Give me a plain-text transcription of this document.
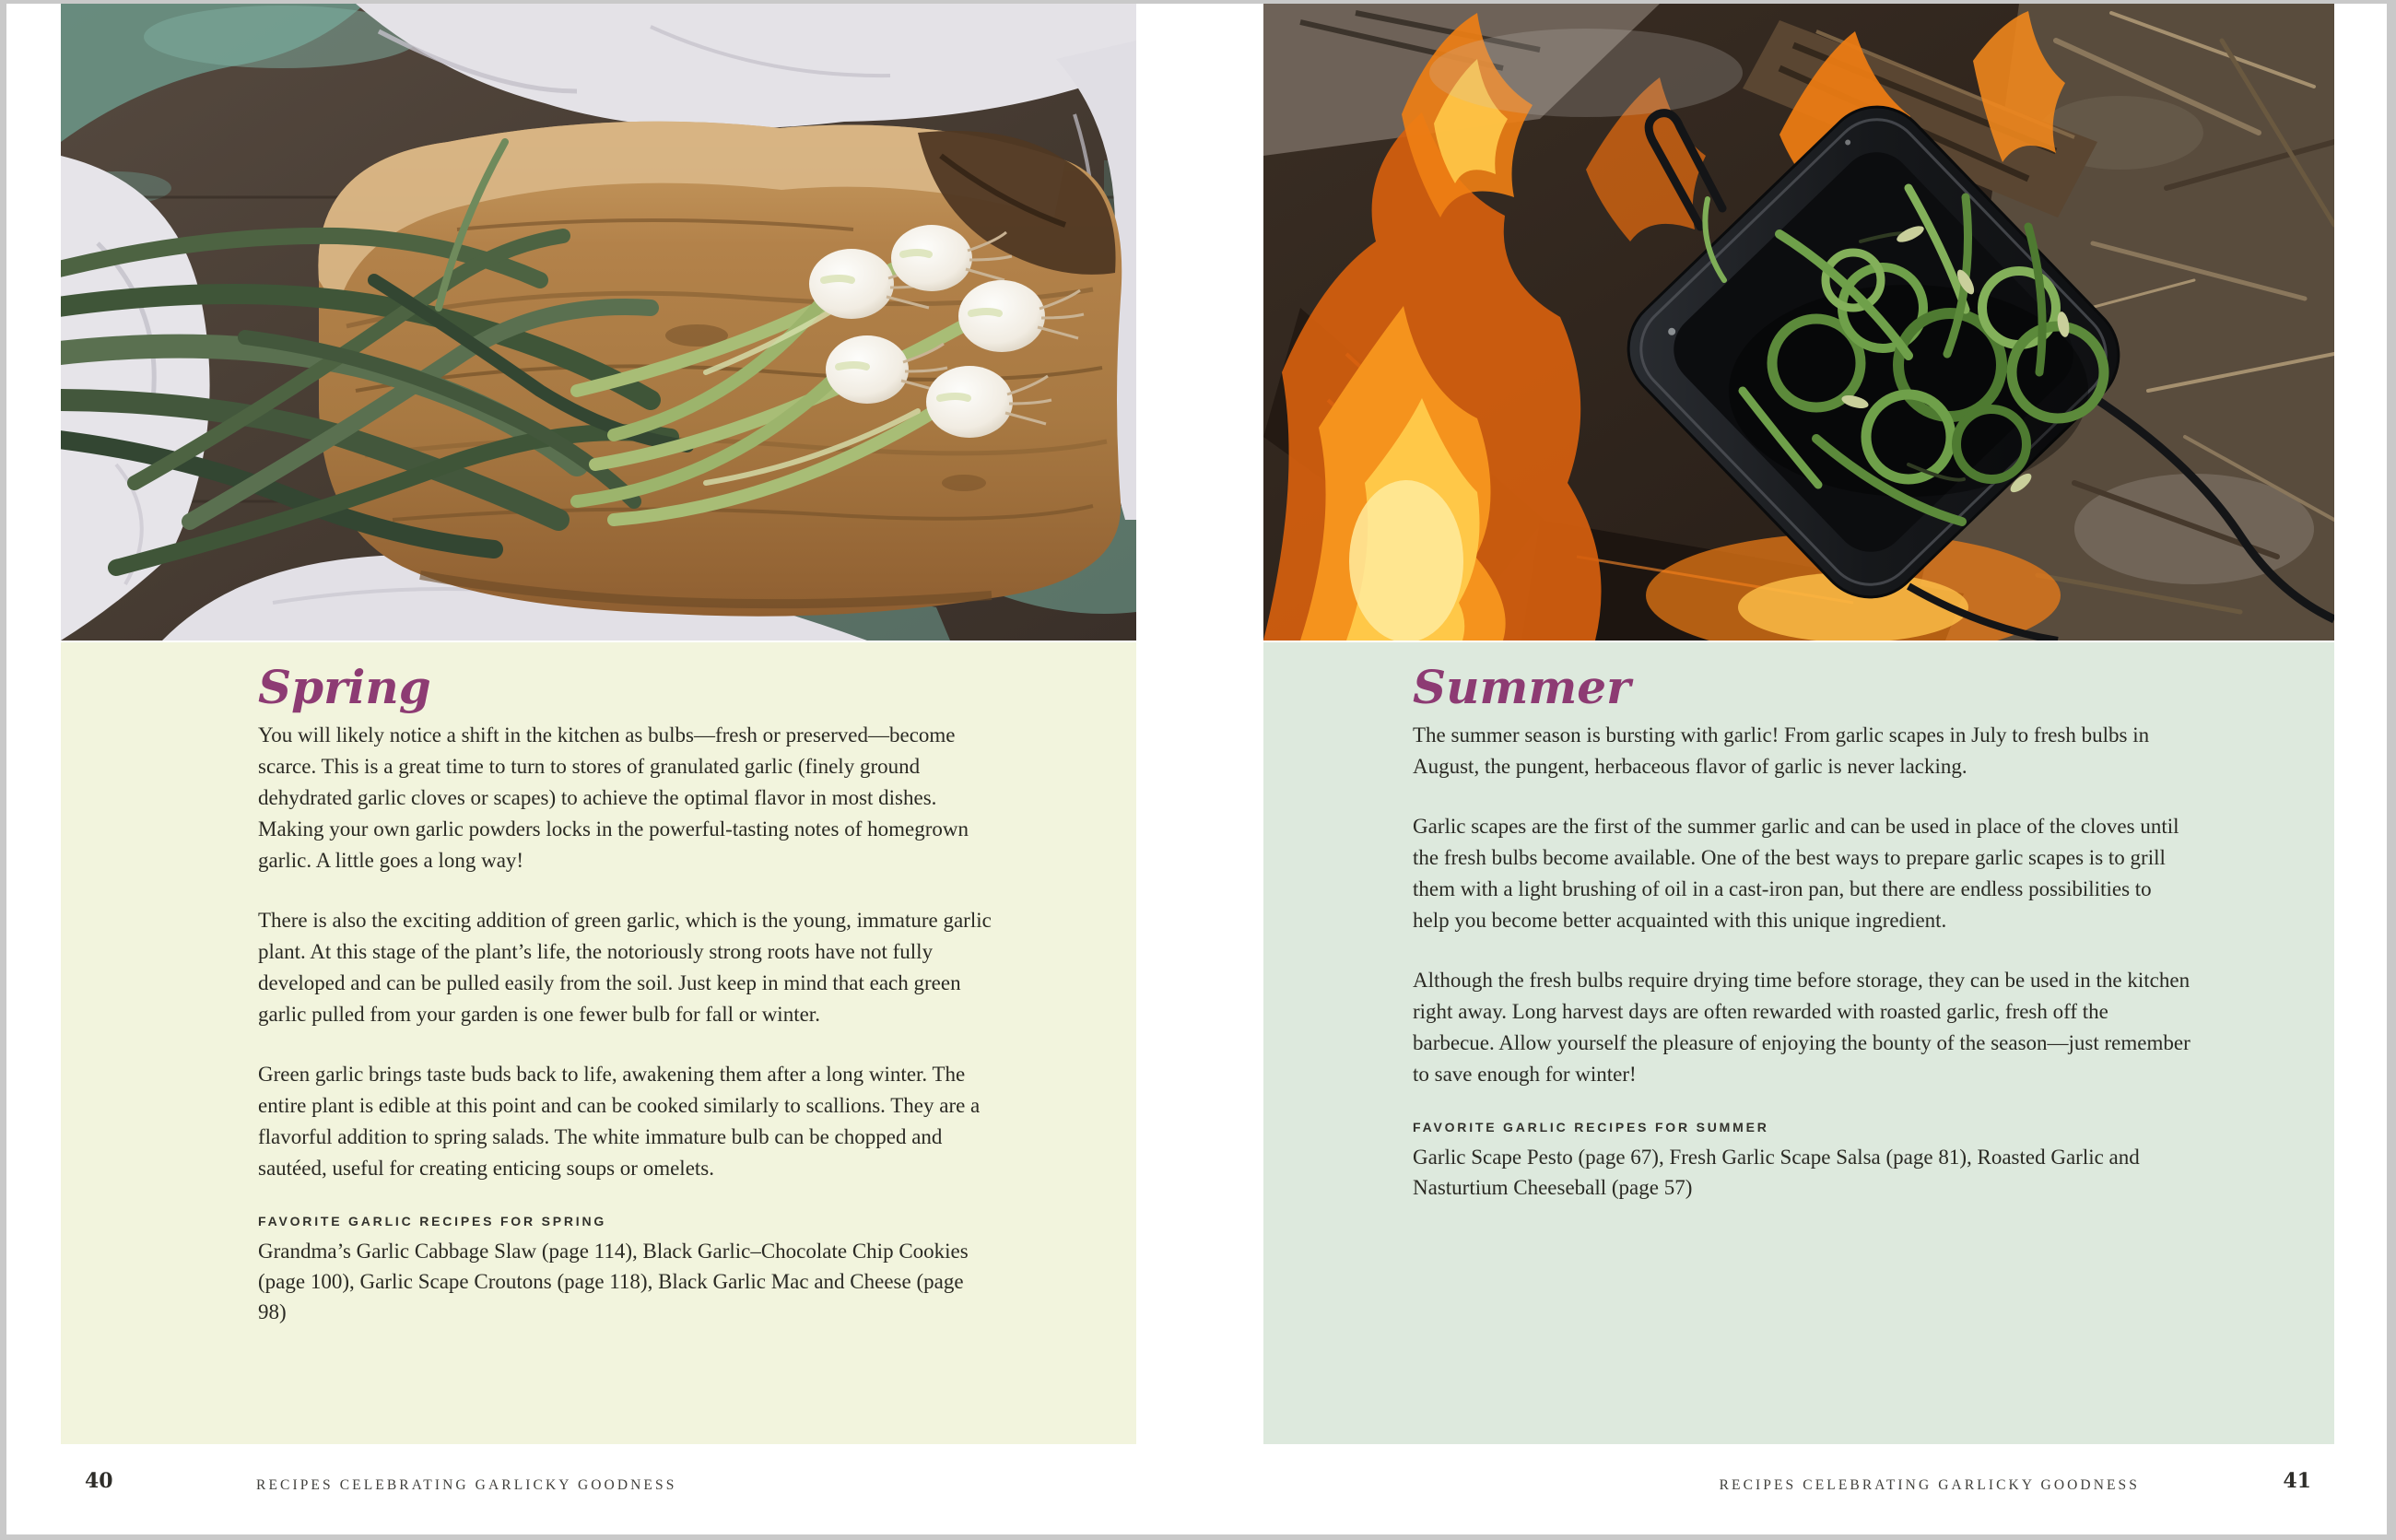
Spring

You will likely notice a shift in the kitchen as bulbs—fresh or preserved—become scarce. This is a great time to turn to stores of granulated garlic (finely ground dehydrated garlic cloves or scapes) to achieve the optimal flavor in most dishes. Making your own garlic powders locks in the powerful-tasting notes of homegrown garlic. A little goes a long way!

There is also the exciting addition of green garlic, which is the young, immature garlic plant. At this stage of the plant’s life, the notoriously strong roots have not fully developed and can be pulled easily from the soil. Just keep in mind that each green garlic pulled from your garden is one fewer bulb for fall or winter.

Green garlic brings taste buds back to life, awakening them after a long winter. The entire plant is edible at this point and can be cooked similarly to scallions. They are a flavorful addition to spring salads. The white immature bulb can be chopped and sautéed, useful for creating enticing soups or omelets.

FAVORITE GARLIC RECIPES FOR SPRING

Grandma’s Garlic Cabbage Slaw (page 114), Black Garlic–Chocolate Chip Cookies (page 100), Garlic Scape Croutons (page 118), Black Garlic Mac and Cheese (page 98)

Summer

The summer season is bursting with garlic! From garlic scapes in July to fresh bulbs in August, the pungent, herbaceous flavor of garlic is never lacking.

Garlic scapes are the first of the summer garlic and can be used in place of the cloves until the fresh bulbs become available. One of the best ways to prepare garlic scapes is to grill them with a light brushing of oil in a cast-iron pan, but there are endless possibilities to help you become better acquainted with this unique ingredient.

Although the fresh bulbs require drying time before storage, they can be used in the kitchen right away. Long harvest days are often rewarded with roasted garlic, fresh off the barbecue. Allow yourself the pleasure of enjoying the bounty of the season—just remember to save enough for winter!

FAVORITE GARLIC RECIPES FOR SUMMER

Garlic Scape Pesto (page 67), Fresh Garlic Scape Salsa (page 81), Roasted Garlic and Nasturtium Cheeseball (page 57)

40	RECIPES CELEBRATING GARLICKY GOODNESS	RECIPES CELEBRATING GARLICKY GOODNESS	41
